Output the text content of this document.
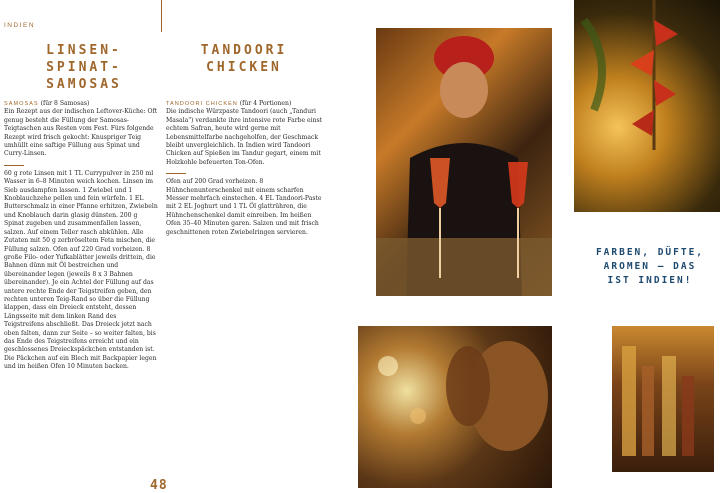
INDIEN
LINSEN-SPINAT-
SAMOSAS
TANDOORI CHICKEN

SAMOSAS (für 8 Samosas)

Ein Rezept aus der indischen Leftover-Küche: Oft genug besteht die Füllung der Samosas-Teigtaschen aus Resten vom Fest. Fürs folgende Rezept wird frisch gekocht: Knuspriger Teig umhüllt eine saftige Füllung aus Spinat und Curry-Linsen.

60 g rote Linsen mit 1 TL Currypulver in 250 ml Wasser in 6–8 Minuten weich kochen. Linsen im Sieb ausdampfen lassen. 1 Zwiebel und 1 Knoblauchzehe pellen und fein würfeln. 1 EL Butterschmalz in einer Pfanne erhitzen, Zwiebeln und Knoblauch darin glasig dünsten. 200 g Spinat zugeben und zusammenfallen lassen, salzen. Auf einem Teller rasch abkühlen. Alle Zutaten mit 50 g zerbröseltem Feta mischen, die Füllung salzen. Ofen auf 220 Grad vorheizen. 8 große Filo- oder Yufkablätter jeweils drittein, die Bahnen dünn mit Öl bestreichen und übereinander legen (jeweils 8 x 3 Bahnen übereinander). Je ein Achtel der Füllung auf das untere rechte Ende der Teigstreifen geben, den rechten unteren Teig-Rand so über die Füllung klappen, dass ein Dreieck entsteht, dessen Längsseite mit dem linken Rand des Teigstreifens abschließt. Das Dreieck jetzt nach oben falten, dann zur Seite – so weiter falten, bis das Ende des Teigstreifens erreicht und ein geschlossenes Dreieckspäckchen entstanden ist. Die Päckchen auf ein Blech mit Backpapier legen und im heißen Ofen 10 Minuten backen.

TANDOORI CHICKEN (für 4 Portionen)

Die indische Würzpaste Tandoori (auch „Tanduri Masala") verdankte ihre intensive rote Farbe einst echtem Safran, heute wird gerne mit Lebensmittelfarbe nachgeholfen, der Geschmack bleibt unvergleichlich. In Indien wird Tandoori Chicken auf Spießen im Tandur gegart, einem mit Holzkohle befeuerten Ton-Ofen.

Ofen auf 200 Grad vorheizen. 8 Hühnchenunterschenkel mit einem scharfen Messer mehrfach einstechen. 4 EL Tandoori-Paste mit 2 EL Joghurt und 1 TL Öl glattrühren, die Hühnchenschenkel damit einreiben. Im heißen Ofen 35–40 Minuten garen. Salzen und mit frisch geschnittenen roten Zwiebelringen servieren.

FARBEN, DÜFTE, AROMEN – DAS IST INDIEN!
48
